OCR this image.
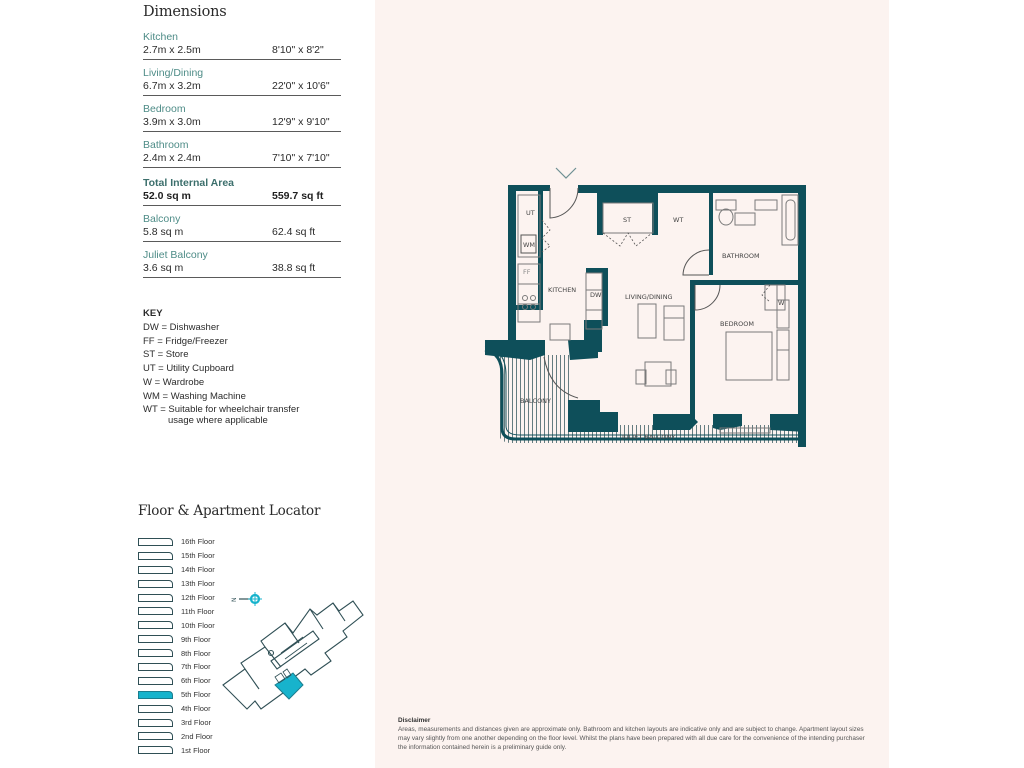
Dimensions
Kitchen
2.7m x 2.5m	8'10" x 8'2"
Living/Dining
6.7m x 3.2m	22'0" x 10'6"
Bedroom
3.9m x 3.0m	12'9" x 9'10"
Bathroom
2.4m x 2.4m	7'10" x 7'10"
Total Internal Area
52.0 sq m	559.7 sq ft
Balcony
5.8 sq m	62.4 sq ft
Juliet Balcony
3.6 sq m	38.8 sq ft
KEY
DW = Dishwasher
FF = Fridge/Freezer
ST = Store
UT = Utility Cupboard
W = Wardrobe
WM = Washing Machine
WT = Suitable for wheelchair transfer
usage where applicable
Floor & Apartment Locator
16th Floor
15th Floor
14th Floor
13th Floor
12th Floor
11th Floor
10th Floor
9th Floor
8th Floor
7th Floor
6th Floor
5th Floor
4th Floor
3rd Floor
2nd Floor
1st Floor
N
UT
WM
ST	WT
FF
KITCHEN
DW	LIVING/DINING
BATHROOM
BEDROOM
W
BALCONY
JULIET BALCONY
Disclaimer
Areas, measurements and distances given are approximate only. Bathroom and kitchen layouts are indicative only and are subject to change. Apartment layout sizes may vary slightly from one another depending on the floor level. Whilst the plans have been prepared with all due care for the convenience of the intending purchaser the information contained herein is a preliminary guide only.
